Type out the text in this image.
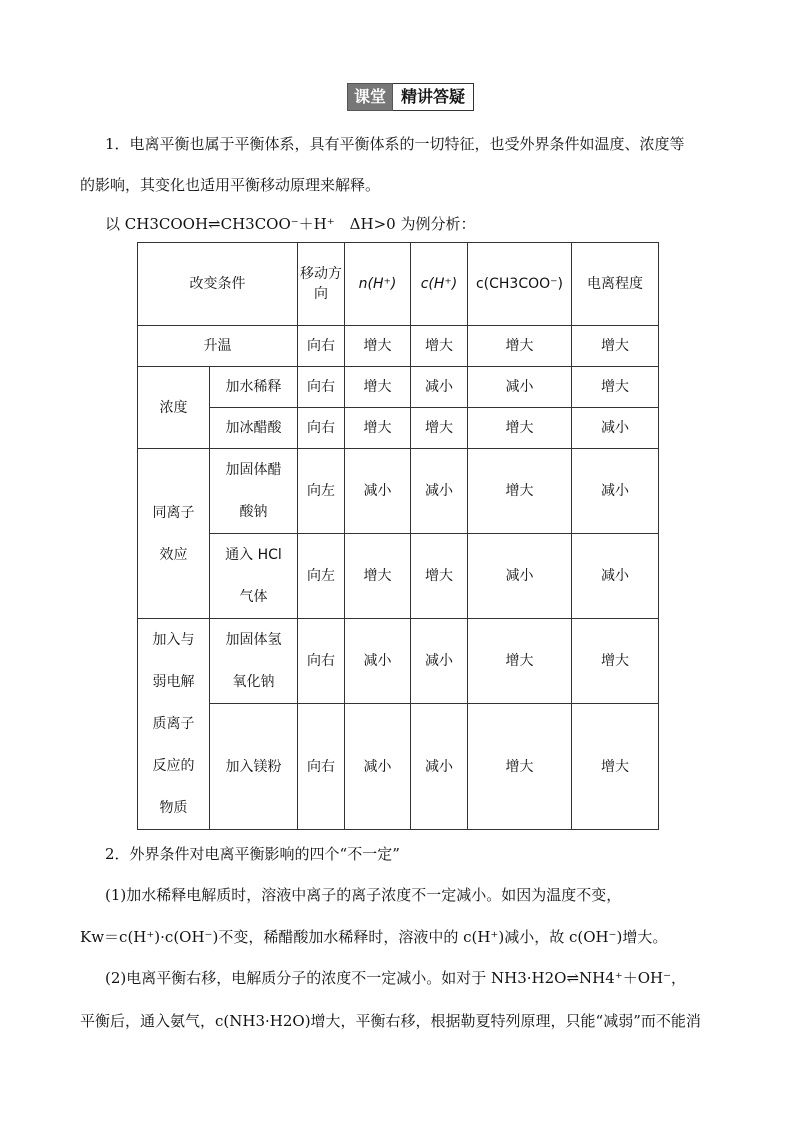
课堂 精讲答疑
1．电离平衡也属于平衡体系，具有平衡体系的一切特征，也受外界条件如温度、浓度等
的影响，其变化也适用平衡移动原理来解释。
以 CH3COOH⇌CH3COO⁻＋H⁺　ΔH>0 为例分析：
改变条件		移动方向	n(H⁺)	c(H⁺)	c(CH3COO⁻)	电离程度
升温		向右	增大	增大	增大	增大
浓度	加水稀释	向右	增大	减小	减小	增大
	加冰醋酸	向右	增大	增大	增大	减小
同离子效应	加固体醋酸钠	向左	减小	减小	增大	减小
	通入 HCl 气体	向左	增大	增大	减小	减小
加入与弱电解质离子反应的物质	加固体氢氧化钠	向右	减小	减小	增大	增大
	加入镁粉	向右	减小	减小	增大	增大
2．外界条件对电离平衡影响的四个“不一定”
(1)加水稀释电解质时，溶液中离子的离子浓度不一定减小。如因为温度不变，
Kw＝c(H⁺)·c(OH⁻)不变，稀醋酸加水稀释时，溶液中的 c(H⁺)减小，故 c(OH⁻)增大。
(2)电离平衡右移，电解质分子的浓度不一定减小。如对于 NH3·H2O⇌NH4⁺＋OH⁻，
平衡后，通入氨气，c(NH3·H2O)增大，平衡右移，根据勒夏特列原理，只能“减弱”而不能消
